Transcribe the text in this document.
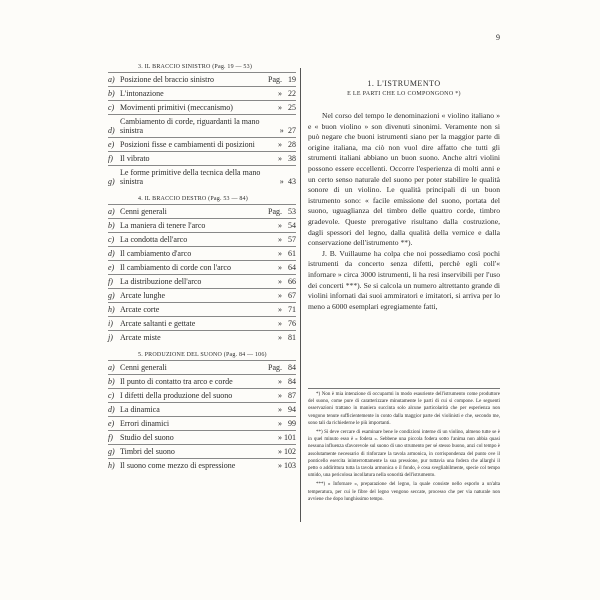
9
3. IL BRACCIO SINISTRO (Pag. 19 — 53)
a) Posizione del braccio sinistro	Pag. 19
b) L'intonazione	» 22
c) Movimenti primitivi (meccanismo)	» 25
d)
Cambiamento di corde, riguardanti la mano sinistra	» 27
e) Posizioni fisse e cambiamenti di posizioni	» 28
f) Il vibrato	» 38
g)
Le forme primitive della tecnica della mano sinistra	» 43
4. IL BRACCIO DESTRO (Pag. 53 — 84)
a) Cenni generali	Pag. 53
b) La maniera di tenere l'arco	» 54
c) La condotta dell'arco	» 57
d) Il cambiamento d'arco	» 61
e) Il cambiamento di corde con l'arco	» 64
f) La distribuzione dell'arco	» 66
g) Arcate lunghe	» 67
h) Arcate corte	» 71
i) Arcate saltanti e gettate	» 76
j) Arcate miste	» 81
5. PRODUZIONE DEL SUONO (Pag. 84 — 106)
a) Cenni generali	Pag. 84
b) Il punto di contatto tra arco e corde	» 84
c) I difetti della produzione del suono	» 87
d) La dinamica	» 94
e) Errori dinamici	» 99
f) Studio del suono	» 101
g) Timbri del suono	» 102
h) Il suono come mezzo di espressione	» 103
1. L'ISTRUMENTO
E LE PARTI CHE LO COMPONGONO *)

Nel corso del tempo le denominazioni « violino italiano » e « buon violino » son divenuti sinonimi. Veramente non si può negare che buoni istrumenti siano per la maggior parte di origine italiana, ma ciò non vuol dire affatto che tutti gli strumenti italiani abbiano un buon suono. Anche altri violini possono essere eccellenti. Occorre l'esperienza di molti anni e un certo senso naturale del suono per poter stabilire le qualità sonore di un violino. Le qualità principali di un buon istrumento sono: « facile emissione del suono, portata del suono, uguaglianza del timbro delle quattro corde, timbro gradevole. Queste prerogative risultano dalla costruzione, dagli spessori del legno, dalla qualità della vernice e dalla conservazione dell'istrumento **).

J. B. Vuillaume ha colpa che noi possediamo così pochi istrumenti da concerto senza difetti, perchè egli coll'« infornare » circa 3000 istrumenti, li ha resi inservibili per l'uso dei concerti ***). Se si calcola un numero altrettanto grande di violini infornati dai suoi ammiratori e imitatori, si arriva per lo meno a 6000 esemplari egregiamente fatti,

*) Non è mia intenzione di occuparmi in modo esauriente dell'istrumento come produttore del suono, come pure di caratterizzare minutamente le parti di cui si compone. Le seguenti osservazioni trattano in maniera succinta solo alcune particolarità che per esperienza non vengono tenute sufficientemente in conto dalla maggior parte dei violinisti e che, secondo me, sono tali da richiederne le più importanti.

**) Si deve cercare di esaminare bene le condizioni interne di un violino, almeno tutte se è in quel minuto esso è « fodera ». Sebbene una piccola fodera sotto l'anima non abbia quasi nessuna influenza sfavorevole sul suono di uno strumento per sé stesso buono, anzi col tempo è assolutamente necessario di rinforzare la tavola armonica, in corrispondenza del punto ove il ponticello esercita ininterrottamente la sua pressione, pur tuttavia una fodera che allarghi il petto o addirittura tutta la tavola armonica o il fondo, è cosa svegliabilmente, specie col tempo umido, una pericolosa incollatura nella sonorità dell'istrumento.

***) « Infornare », preparazione del legno, la quale consiste nello esporlo a un'alta temperatura, per cui le fibre del legno vengono seccate, processo che per via naturale non avviene che dopo lunghissimo tempo.
